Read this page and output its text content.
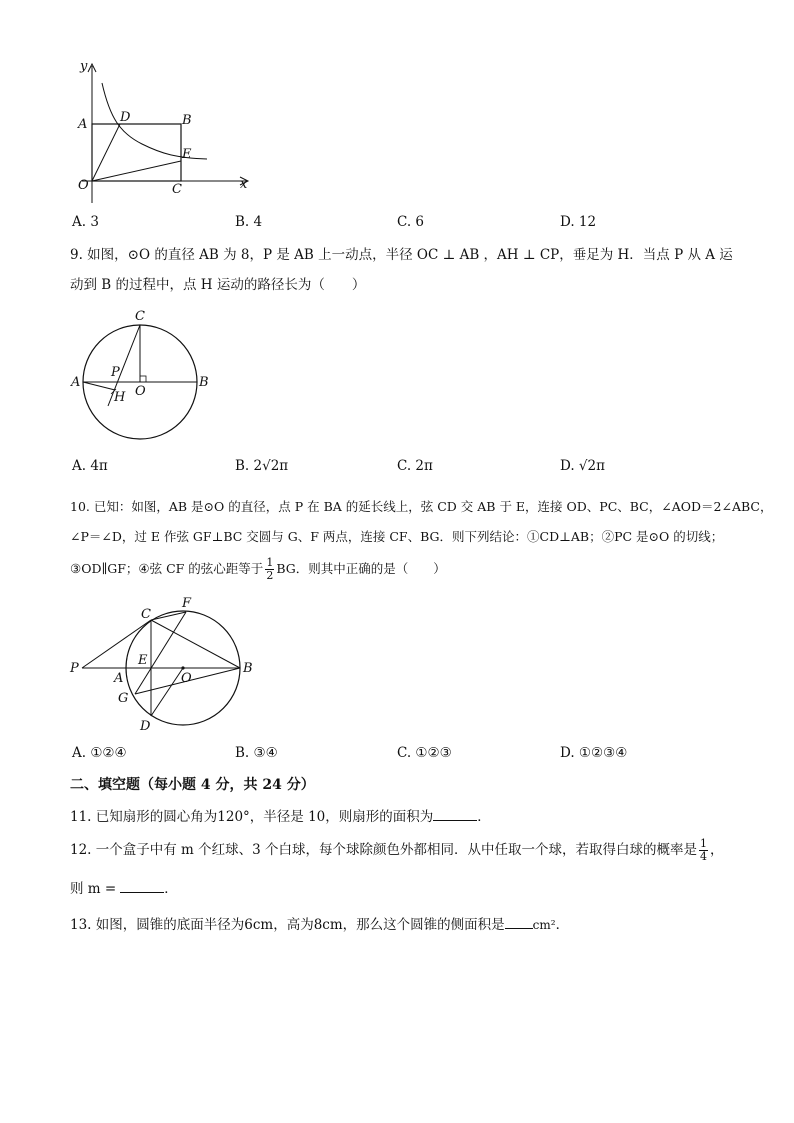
y
x
A	D	B
E
O	C
A. 3	B. 4	C. 6	D. 12
9. 如图，⊙O 的直径 AB 为 8，P 是 AB 上一动点，半径 OC ⊥ AB ，AH ⊥ CP，垂足为 H．当点 P 从 A 运
动到 B 的过程中，点 H 运动的路径长为（　　）
C
A
P
O
B
H
A. 4π	B. 2√2π	C. 2π	D. √2π
10. 已知：如图，AB 是⊙O 的直径，点 P 在 BA 的延长线上，弦 CD 交 AB 于 E，连接 OD、PC、BC，∠AOD＝2∠ABC，
∠P＝∠D，过 E 作弦 GF⊥BC 交圆与 G、F 两点，连接 CF、BG．则下列结论：①CD⊥AB；②PC 是⊙O 的切线；
③OD∥GF；④弦 CF 的弦心距等于 $\frac{1}{2}$ BG．则其中正确的是（　　）
C
F
P
E
O
B
A
G
D
A. ①②④	B. ③④	C. ①②③	D. ①②③④
二、填空题（每小题 4 分，共 24 分）
11. 已知扇形的圆心角为120°，半径是 10，则扇形的面积为	．
12. 一个盒子中有 m 个红球、3 个白球，每个球除颜色外都相同．从中任取一个球，若取得白球的概率是 $\frac{1}{4}$ ，
则 m =	．
13. 如图，圆锥的底面半径为6cm，高为8cm，那么这个圆锥的侧面积是 cm²．
